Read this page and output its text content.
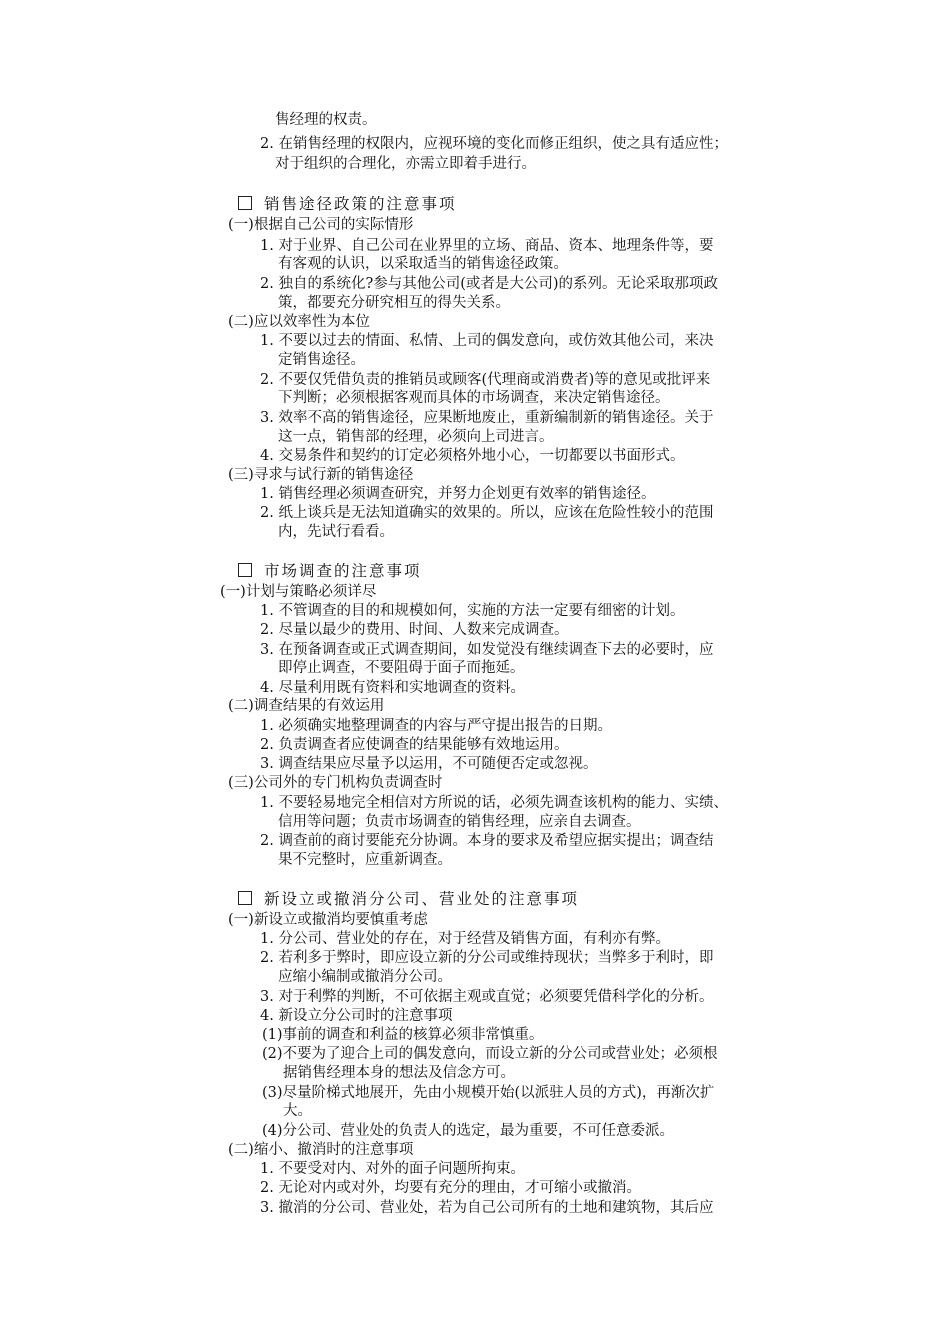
售经理的权责。
2. 在销售经理的权限内，应视环境的变化而修正组织，使之具有适应性；
对于组织的合理化，亦需立即着手进行。
销售途径政策的注意事项
(一)根据自己公司的实际情形
1. 对于业界、自己公司在业界里的立场、商品、资本、地理条件等，要
有客观的认识，以采取适当的销售途径政策。
2. 独自的系统化?参与其他公司(或者是大公司)的系列。无论采取那项政
策，都要充分研究相互的得失关系。
(二)应以效率性为本位
1. 不要以过去的情面、私情、上司的偶发意向，或仿效其他公司，来决
定销售途径。
2. 不要仅凭借负责的推销员或顾客(代理商或消费者)等的意见或批评来
下判断；必须根据客观而具体的市场调查，来决定销售途径。
3. 效率不高的销售途径，应果断地废止，重新编制新的销售途径。关于
这一点，销售部的经理，必须向上司进言。
4. 交易条件和契约的订定必须格外地小心，一切都要以书面形式。
(三)寻求与试行新的销售途径
1. 销售经理必须调查研究，并努力企划更有效率的销售途径。
2. 纸上谈兵是无法知道确实的效果的。所以，应该在危险性较小的范围
内，先试行看看。
市场调查的注意事项
(一)计划与策略必须详尽
1. 不管调查的目的和规模如何，实施的方法一定要有细密的计划。
2. 尽量以最少的费用、时间、人数来完成调查。
3. 在预备调查或正式调查期间，如发觉没有继续调查下去的必要时，应
即停止调查，不要阻碍于面子而拖延。
4. 尽量利用既有资料和实地调查的资料。
(二)调查结果的有效运用
1. 必须确实地整理调查的内容与严守提出报告的日期。
2. 负责调查者应使调查的结果能够有效地运用。
3. 调查结果应尽量予以运用，不可随便否定或忽视。
(三)公司外的专门机构负责调查时
1. 不要轻易地完全相信对方所说的话，必须先调查该机构的能力、实绩、
信用等问题；负责市场调查的销售经理，应亲自去调查。
2. 调查前的商讨要能充分协调。本身的要求及希望应据实提出；调查结
果不完整时，应重新调查。
新设立或撤消分公司、营业处的注意事项
(一)新设立或撤消均要慎重考虑
1. 分公司、营业处的存在，对于经营及销售方面，有利亦有弊。
2. 若利多于弊时，即应设立新的分公司或维持现状；当弊多于利时，即
应缩小编制或撤消分公司。
3. 对于利弊的判断，不可依据主观或直觉；必须要凭借科学化的分析。
4. 新设立分公司时的注意事项
(1)事前的调查和利益的核算必须非常慎重。
(2)不要为了迎合上司的偶发意向，而设立新的分公司或营业处；必须根
据销售经理本身的想法及信念方可。
(3)尽量阶梯式地展开，先由小规模开始(以派驻人员的方式)，再渐次扩
大。
(4)分公司、营业处的负责人的选定，最为重要，不可任意委派。
(二)缩小、撤消时的注意事项
1. 不要受对内、对外的面子问题所拘束。
2. 无论对内或对外，均要有充分的理由，才可缩小或撤消。
3. 撤消的分公司、营业处，若为自己公司所有的土地和建筑物，其后应
